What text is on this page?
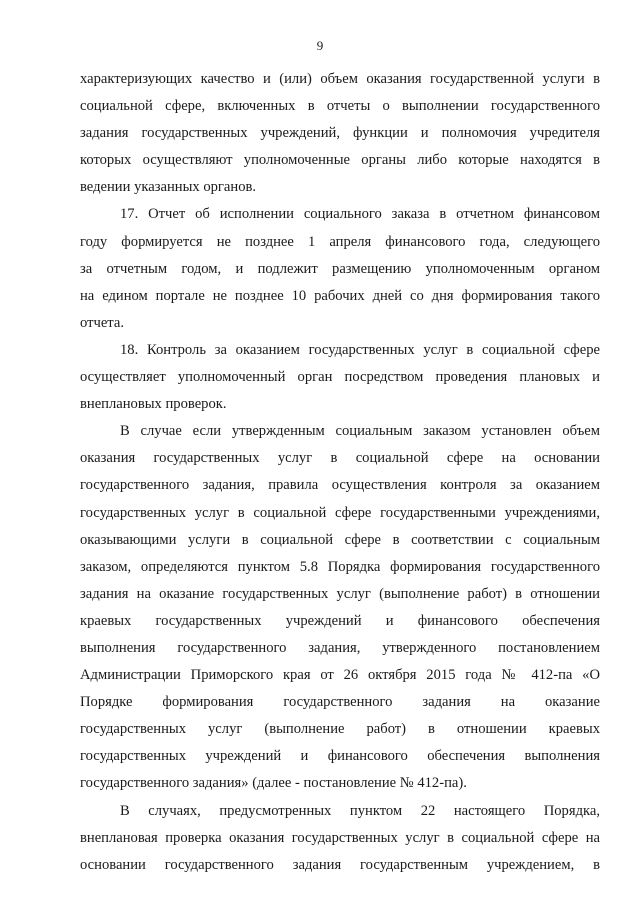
9
характеризующих качество и (или) объем оказания государственной услуги в
социальной сфере, включенных в отчеты о выполнении государственного
задания государственных учреждений, функции и полномочия учредителя
которых осуществляют уполномоченные органы либо которые находятся в
ведении указанных органов.
17. Отчет об исполнении социального заказа в отчетном финансовом
году формируется не позднее 1 апреля финансового года, следующего
за отчетным годом, и подлежит размещению уполномоченным органом
на едином портале не позднее 10 рабочих дней со дня формирования такого
отчета.
18. Контроль за оказанием государственных услуг в социальной сфере
осуществляет уполномоченный орган посредством проведения плановых и
внеплановых проверок.
В случае если утвержденным социальным заказом установлен объем
оказания государственных услуг в социальной сфере на основании
государственного задания, правила осуществления контроля за оказанием
государственных услуг в социальной сфере государственными учреждениями,
оказывающими услуги в социальной сфере в соответствии с социальным
заказом, определяются пунктом 5.8 Порядка формирования государственного
задания на оказание государственных услуг (выполнение работ) в отношении
краевых государственных учреждений и финансового обеспечения
выполнения государственного задания, утвержденного постановлением
Администрации Приморского края от 26 октября 2015 года № 412-па «О
Порядке формирования государственного задания на оказание
государственных услуг (выполнение работ) в отношении краевых
государственных учреждений и финансового обеспечения выполнения
государственного задания» (далее - постановление № 412-па).
В случаях, предусмотренных пунктом 22 настоящего Порядка,
внеплановая проверка оказания государственных услуг в социальной сфере на
основании государственного задания государственным учреждением, в
